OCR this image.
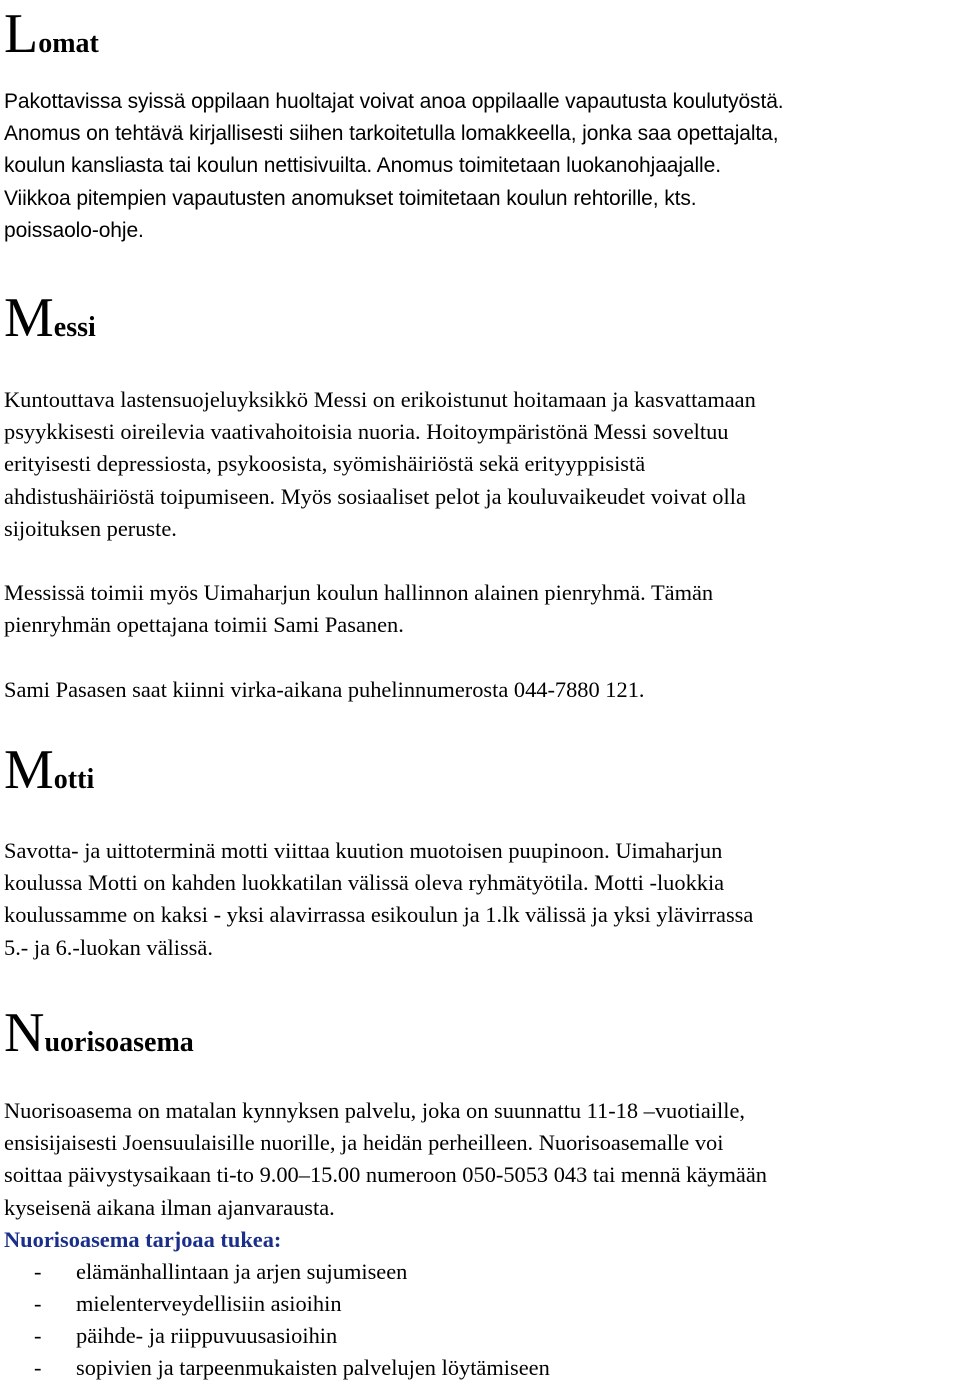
Lomat

Pakottavissa syissä oppilaan huoltajat voivat anoa oppilaalle vapautusta koulutyöstä.
Anomus on tehtävä kirjallisesti siihen tarkoitetulla lomakkeella, jonka saa opettajalta,
koulun kansliasta tai koulun nettisivuilta. Anomus toimitetaan luokanohjaajalle.
Viikkoa pitempien vapautusten anomukset toimitetaan koulun rehtorille, kts.
poissaolo-ohje.

Messi

Kuntouttava lastensuojeluyksikkö Messi on erikoistunut hoitamaan ja kasvattamaan
psyykkisesti oireilevia vaativahoitoisia nuoria. Hoitoympäristönä Messi soveltuu
erityisesti depressiosta, psykoosista, syömishäiriöstä sekä erityyppisistä
ahdistushäiriöstä toipumiseen. Myös sosiaaliset pelot ja kouluvaikeudet voivat olla
sijoituksen peruste.

Messissä toimii myös Uimaharjun koulun hallinnon alainen pienryhmä. Tämän
pienryhmän opettajana toimii Sami Pasanen.

Sami Pasasen saat kiinni virka-aikana puhelinnumerosta 044-7880 121.

Motti

Savotta- ja uittoterminä motti viittaa kuution muotoisen puupinoon. Uimaharjun
koulussa Motti on kahden luokkatilan välissä oleva ryhmätyötila. Motti -luokkia
koulussamme on kaksi - yksi alavirrassa esikoulun ja 1.lk välissä ja yksi ylävirrassa
5.- ja 6.-luokan välissä.

Nuorisoasema

Nuorisoasema on matalan kynnyksen palvelu, joka on suunnattu 11-18 –vuotiaille,
ensisijaisesti Joensuulaisille nuorille, ja heidän perheilleen. Nuorisoasemalle voi
soittaa päivystysaikaan ti-to 9.00–15.00 numeroon 050-5053 043 tai mennä käymään
kyseisenä aikana ilman ajanvarausta.

Nuorisoasema tarjoaa tukea:

- elämänhallintaan ja arjen sujumiseen
- mielenterveydellisiin asioihin
- päihde- ja riippuvuusasioihin
- sopivien ja tarpeenmukaisten palvelujen löytämiseen
